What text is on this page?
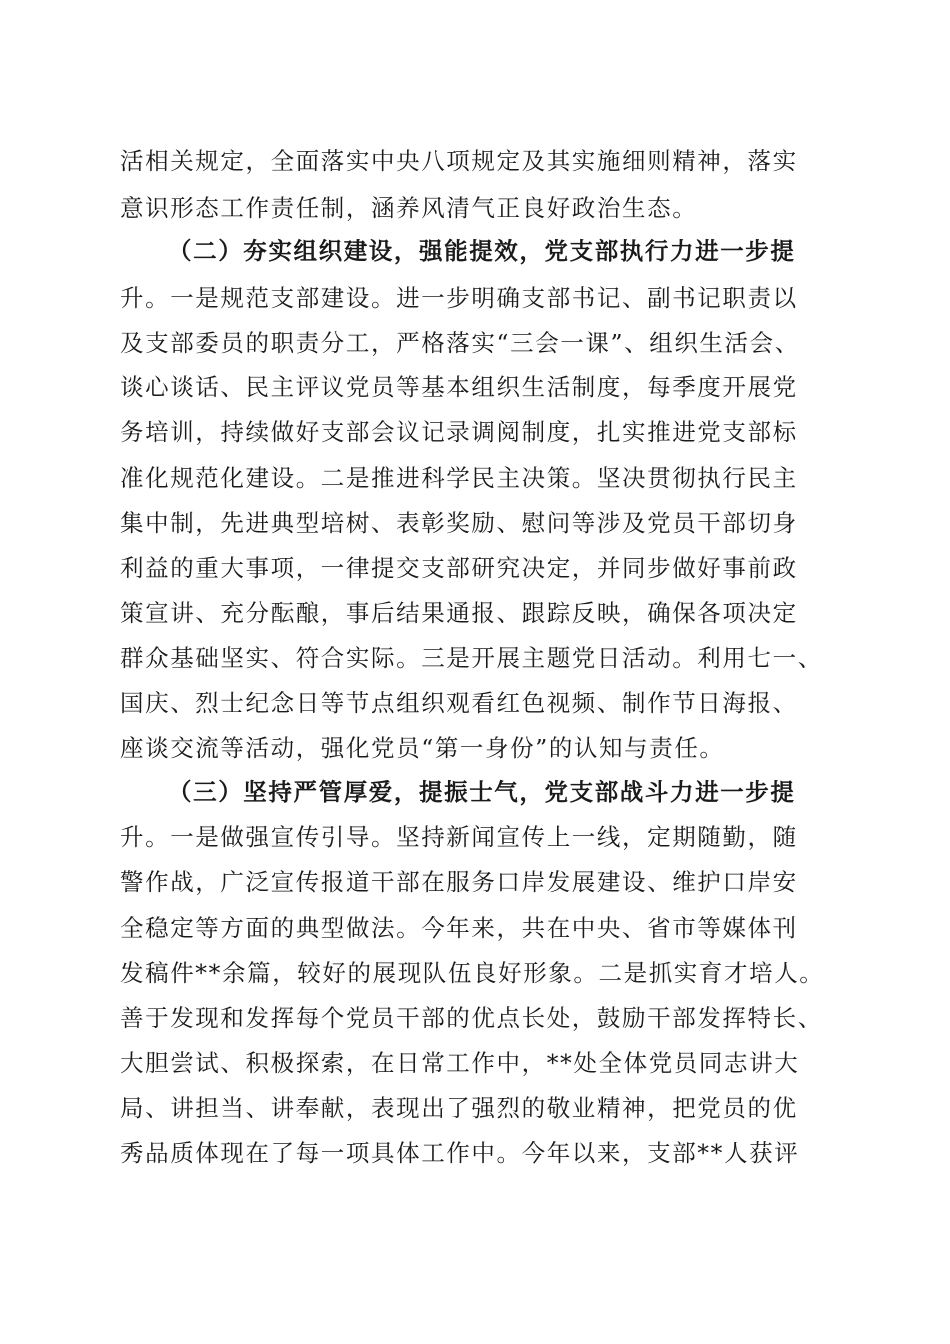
活相关规定，全面落实中央八项规定及其实施细则精神，落实
意识形态工作责任制，涵养风清气正良好政治生态。
（二）夯实组织建设，强能提效，党支部执行力进一步提
升。一是规范支部建设。进一步明确支部书记、副书记职责以
及支部委员的职责分工，严格落实“三会一课”、组织生活会、
谈心谈话、民主评议党员等基本组织生活制度，每季度开展党
务培训，持续做好支部会议记录调阅制度，扎实推进党支部标
准化规范化建设。二是推进科学民主决策。坚决贯彻执行民主
集中制，先进典型培树、表彰奖励、慰问等涉及党员干部切身
利益的重大事项，一律提交支部研究决定，并同步做好事前政
策宣讲、充分酝酿，事后结果通报、跟踪反映，确保各项决定
群众基础坚实、符合实际。三是开展主题党日活动。利用七一、
国庆、烈士纪念日等节点组织观看红色视频、制作节日海报、
座谈交流等活动，强化党员“第一身份”的认知与责任。
（三）坚持严管厚爱，提振士气，党支部战斗力进一步提
升。一是做强宣传引导。坚持新闻宣传上一线，定期随勤，随
警作战，广泛宣传报道干部在服务口岸发展建设、维护口岸安
全稳定等方面的典型做法。今年来，共在中央、省市等媒体刊
发稿件**余篇，较好的展现队伍良好形象。二是抓实育才培人。
善于发现和发挥每个党员干部的优点长处，鼓励干部发挥特长、
大胆尝试、积极探索，在日常工作中，**处全体党员同志讲大
局、讲担当、讲奉献，表现出了强烈的敬业精神，把党员的优
秀品质体现在了每一项具体工作中。今年以来，支部**人获评
